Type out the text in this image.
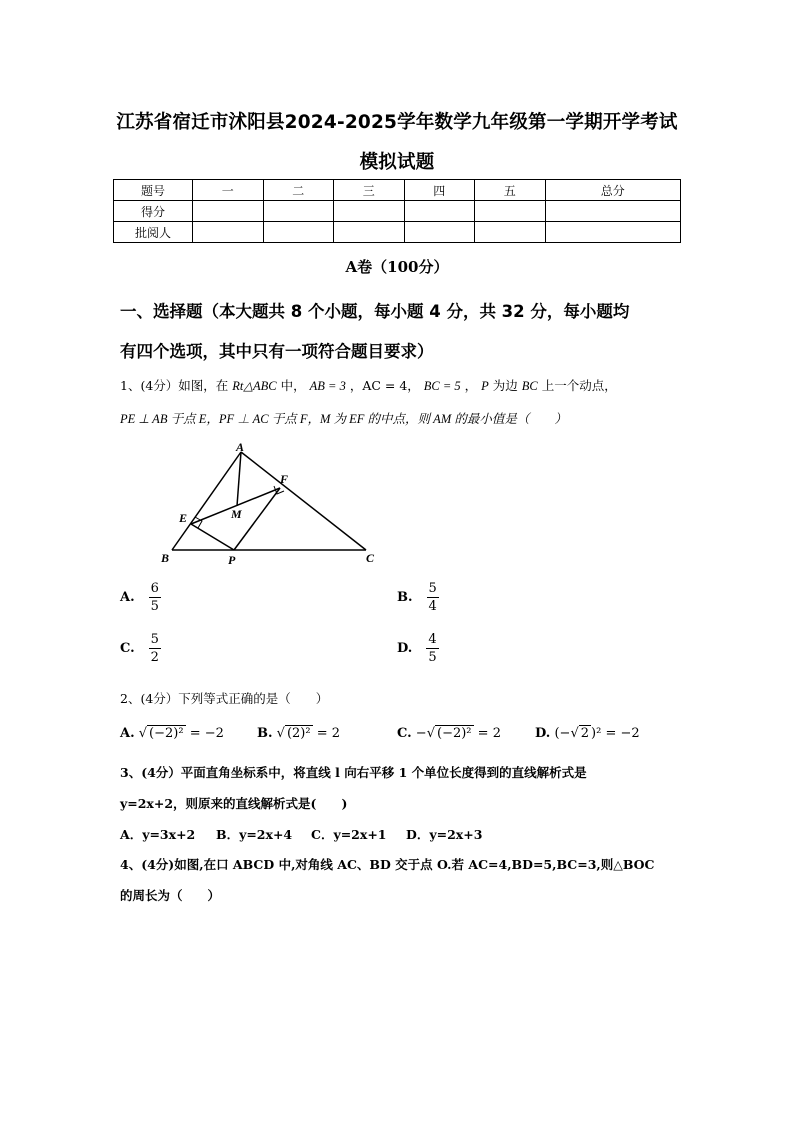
江苏省宿迁市沭阳县2024-2025学年数学九年级第一学期开学考试
模拟试题
题号	一	二	三	四	五	总分
得分						
批阅人						
A卷（100分）
一、选择题（本大题共 8 个小题，每小题 4 分，共 32 分，每小题均
有四个选项，其中只有一项符合题目要求）
1、(4分）如图，在 Rt△ABC 中， AB = 3 ，AC = 4， BC = 5 ， P 为边 BC 上一个动点，
PE ⊥ AB 于点 E，PF ⊥ AC 于点 F，M 为 EF 的中点，则 AM 的最小值是（　　）
A
B	C
E
F
M
P
A. $\frac{6}{5}$	B. $\frac{5}{4}$
C. $\frac{5}{2}$	D. $\frac{4}{5}$
2、(4分）下列等式正确的是（　　）
A. √ (−2)² = −2	B. √ (2)² = 2	C. −√ (−2)² = 2	D. (−√ 2 )² = −2
3、(4分）平面直角坐标系中，将直线 l 向右平移 1 个单位长度得到的直线解析式是
y=2x+2，则原来的直线解析式是(　　)
A．y=3x+2 B．y=2x+4 C．y=2x+1 D．y=2x+3
4、(4分)如图,在口 ABCD 中,对角线 AC、BD 交于点 O.若 AC=4,BD=5,BC=3,则△BOC
的周长为（　　）
